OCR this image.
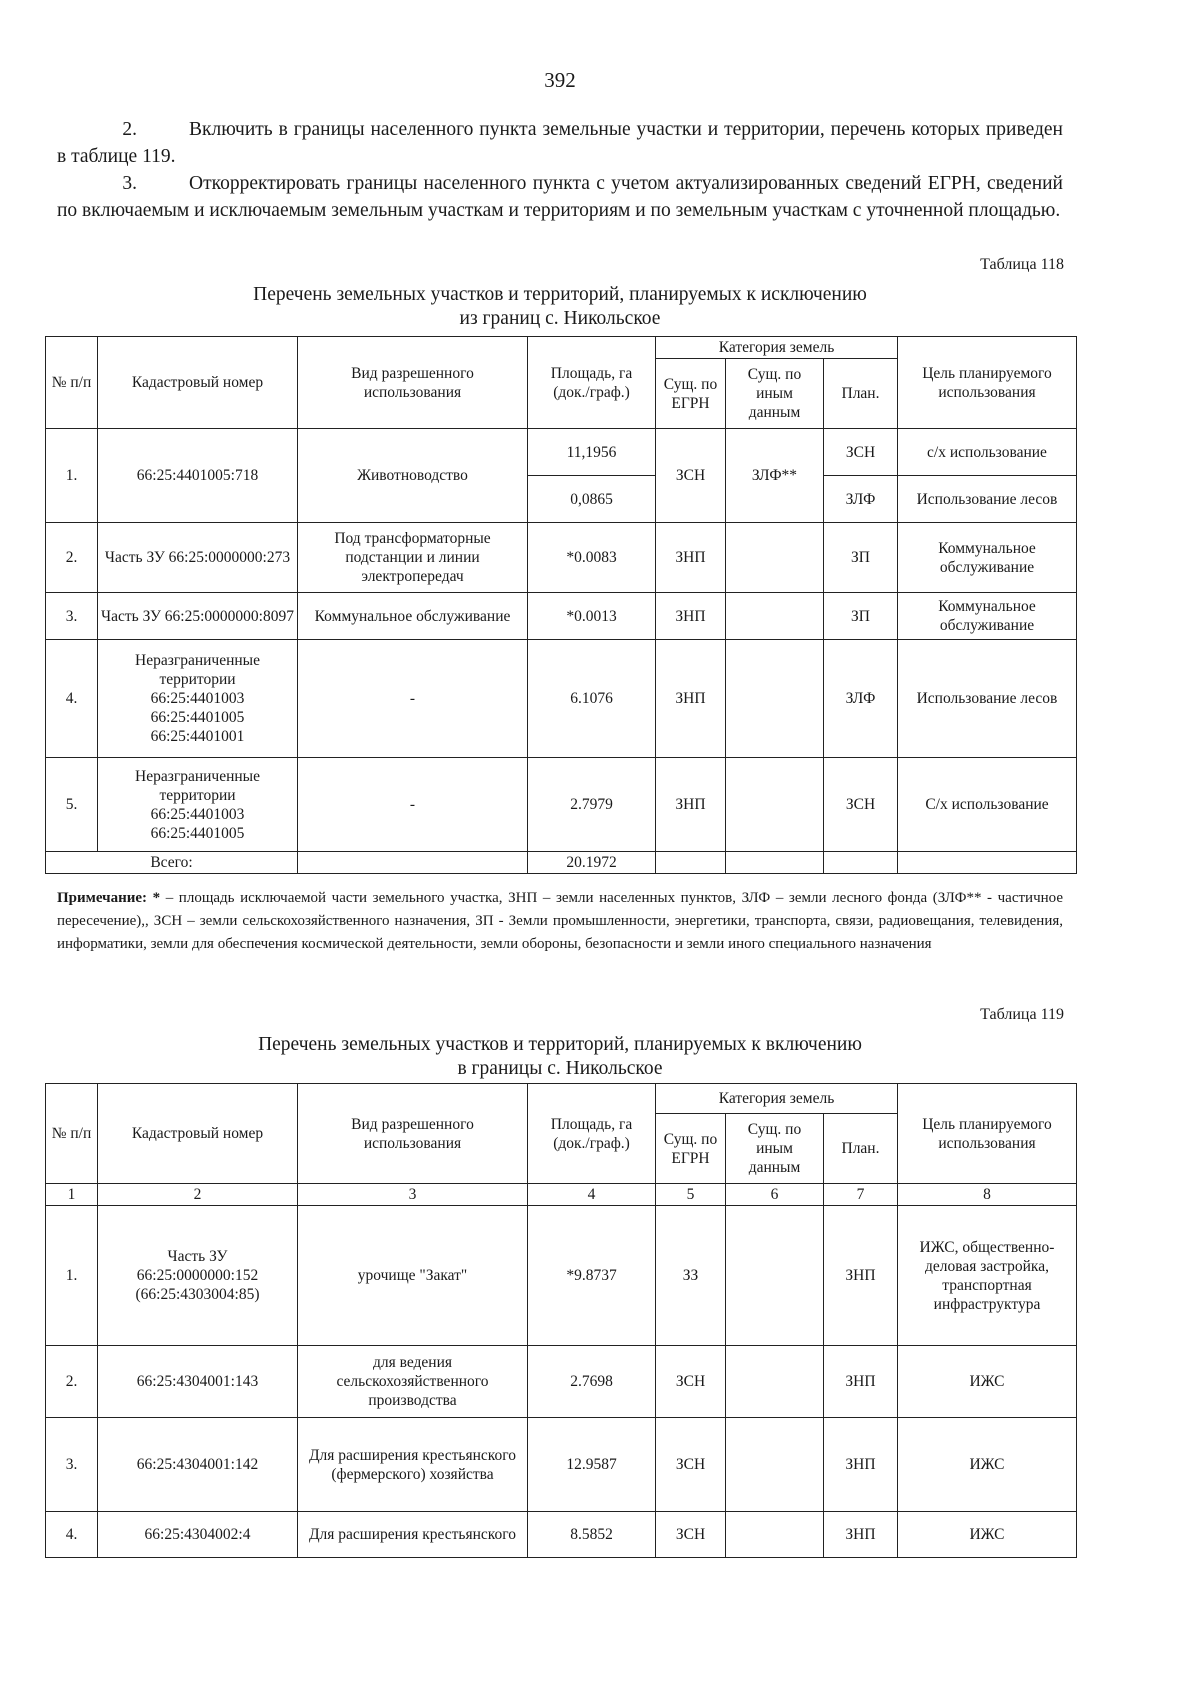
392
2.	Включить в границы населенного пункта земельные участки и территории, перечень которых приведен в таблице 119.
3.	Откорректировать границы населенного пункта с учетом актуализированных сведений ЕГРН, сведений по включаемым и исключаемым земельным участкам и территориям и по земельным участкам с уточненной площадью.
Таблица 118
Перечень земельных участков и территорий, планируемых к исключению
из границ с. Никольское
№ п/п	Кадастровый номер	Вид разрешенного использования	Площадь, га (док./граф.)	Категория земель			Цель планируемого использования
				Сущ. по ЕГРН	Сущ. по иным данным	План.	
1.	66:25:4401005:718	Животноводство	11,1956	ЗСН	ЗЛФ**	ЗСН	с/х использование
			0,0865			ЗЛФ	Использование лесов
2.	Часть ЗУ 66:25:0000000:273	Под трансформаторные подстанции и линии электропередач	*0.0083	ЗНП		ЗП	Коммунальное обслуживание
3.	Часть ЗУ 66:25:0000000:8097	Коммунальное обслуживание	*0.0013	ЗНП		ЗП	Коммунальное обслуживание
4.	Неразграниченные территории
66:25:4401003
66:25:4401005
66:25:4401001	-	6.1076	ЗНП		ЗЛФ	Использование лесов
5.	Неразграниченные территории
66:25:4401003
66:25:4401005	-	2.7979	ЗНП		ЗСН	С/х использование
Всего:			20.1972				
Примечание: * – площадь исключаемой части земельного участка, ЗНП – земли населенных пунктов, ЗЛФ – земли лесного фонда (ЗЛФ** - частичное пересечение),, ЗСН – земли сельскохозяйственного назначения, ЗП - Земли промышленности, энергетики, транспорта, связи, радиовещания, телевидения, информатики, земли для обеспечения космической деятельности, земли обороны, безопасности и земли иного специального назначения
Таблица 119
Перечень земельных участков и территорий, планируемых к включению
в границы с. Никольское
№ п/п	Кадастровый номер	Вид разрешенного использования	Площадь, га (док./граф.)	Категория земель			Цель планируемого использования
				Сущ. по ЕГРН	Сущ. по иным данным	План.	
1	2	3	4	5	6	7	8
1.	Часть ЗУ
66:25:0000000:152
(66:25:4303004:85)	урочище "Закат"	*9.8737	ЗЗ		ЗНП	ИЖС, общественно-деловая застройка, транспортная инфраструктура
2.	66:25:4304001:143	для ведения сельскохозяйственного производства	2.7698	ЗСН		ЗНП	ИЖС
3.	66:25:4304001:142	Для расширения крестьянского (фермерского) хозяйства	12.9587	ЗСН		ЗНП	ИЖС
4.	66:25:4304002:4	Для расширения крестьянского	8.5852	ЗСН		ЗНП	ИЖС
